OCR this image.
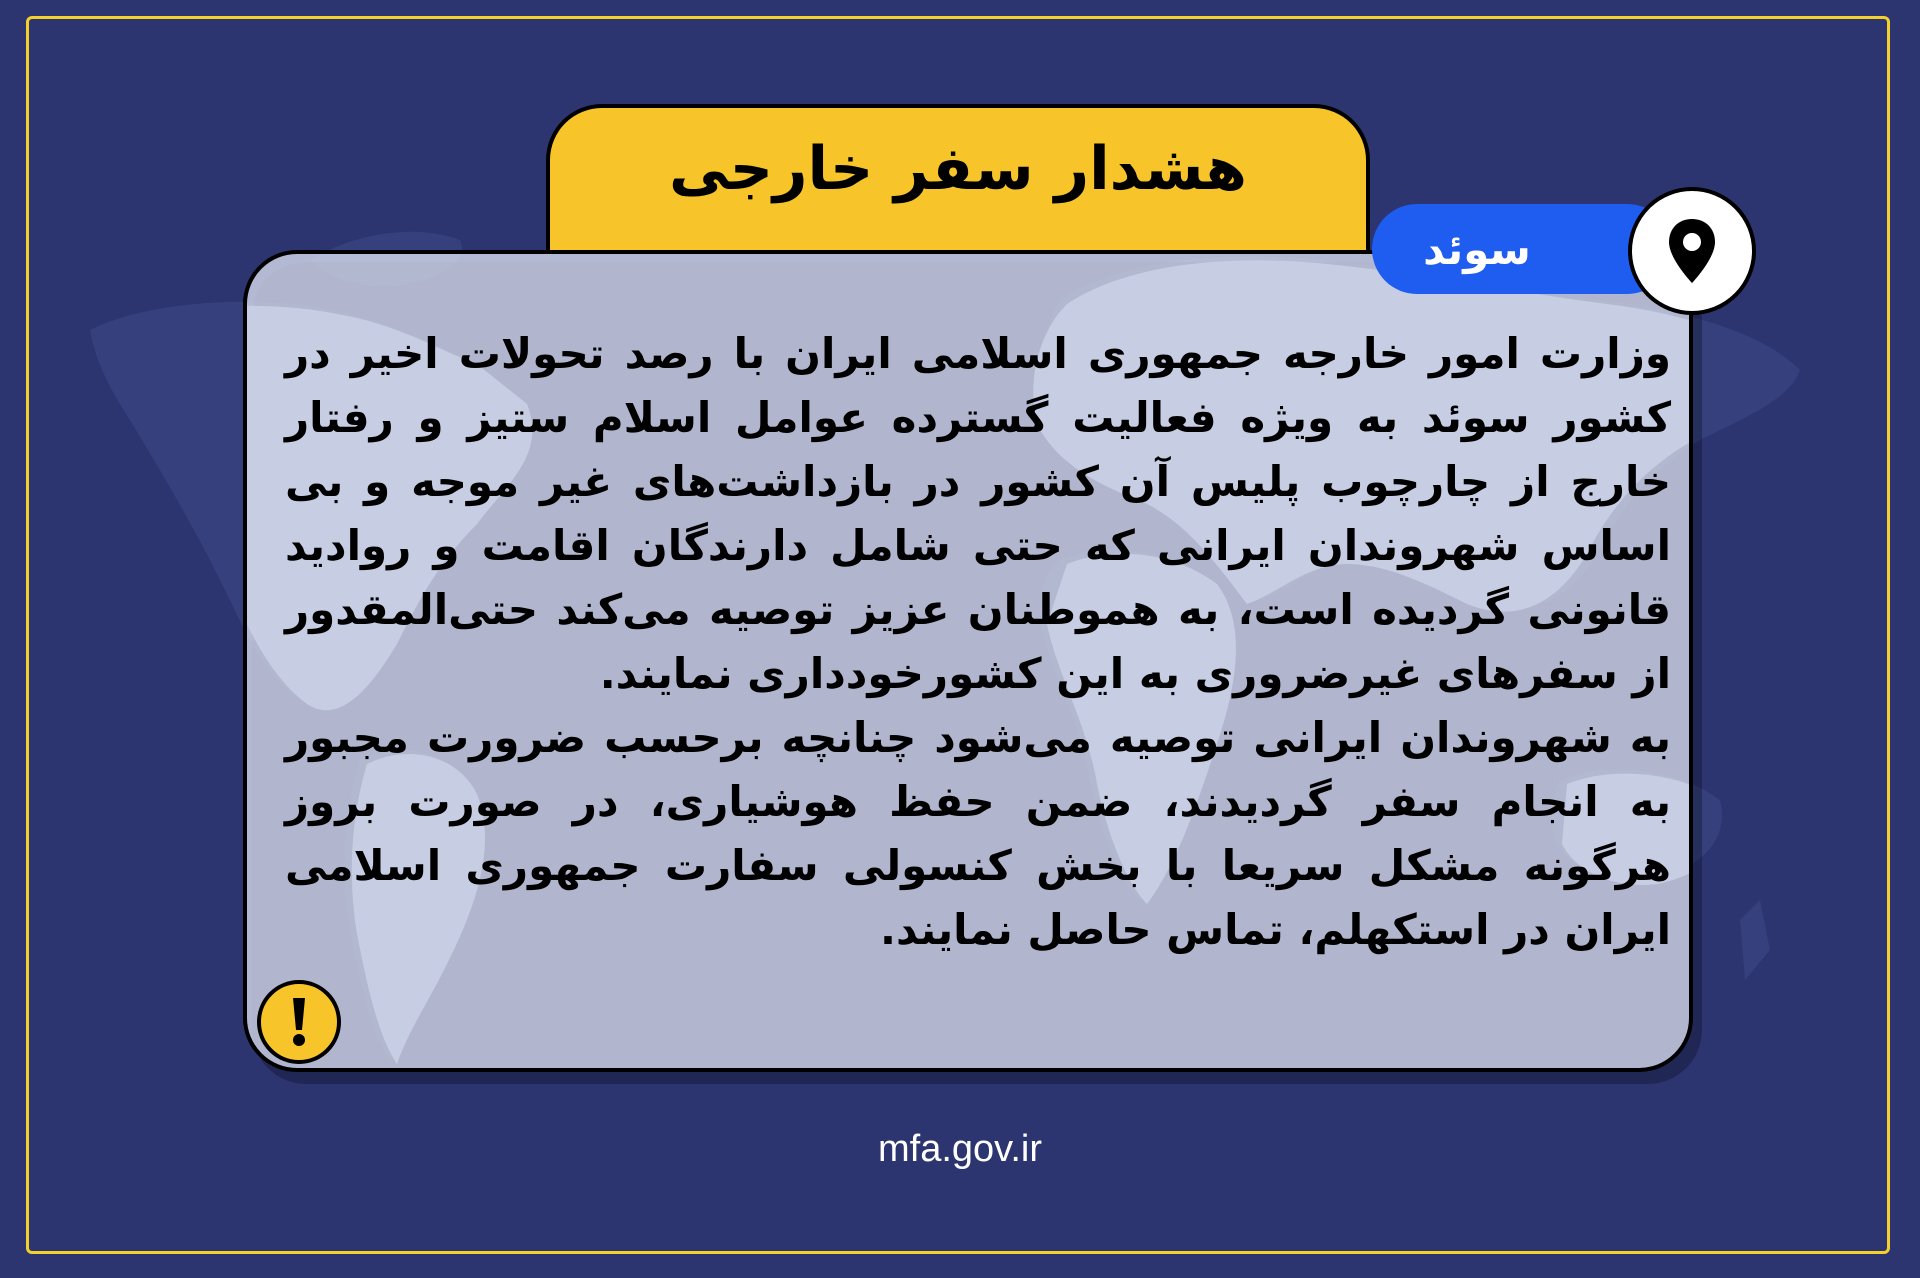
هشدار سفر خارجی

وزارت امور خارجه جمهوری اسلامی ایران با رصد تحولات اخیر در کشور سوئد به ویژه فعالیت گسترده عوامل اسلام ستیز و رفتار خارج از چارچوب پلیس آن کشور در بازداشت‌های غیر موجه و بی اساس شهروندان ایرانی که حتی شامل دارندگان اقامت و روادید قانونی گردیده است، به هموطنان عزیز توصیه می‌کند حتی‌المقدور از سفرهای غیرضروری به این کشورخودداری نمایند.

به شهروندان ایرانی توصیه می‌شود چنانچه برحسب ضرورت مجبور به انجام سفر گردیدند، ضمن حفظ هوشیاری، در صورت بروز هرگونه مشکل سریعا با بخش کنسولی سفارت جمهوری اسلامی ایران در استکهلم، تماس حاصل نمایند.

سوئد
mfa.gov.ir
